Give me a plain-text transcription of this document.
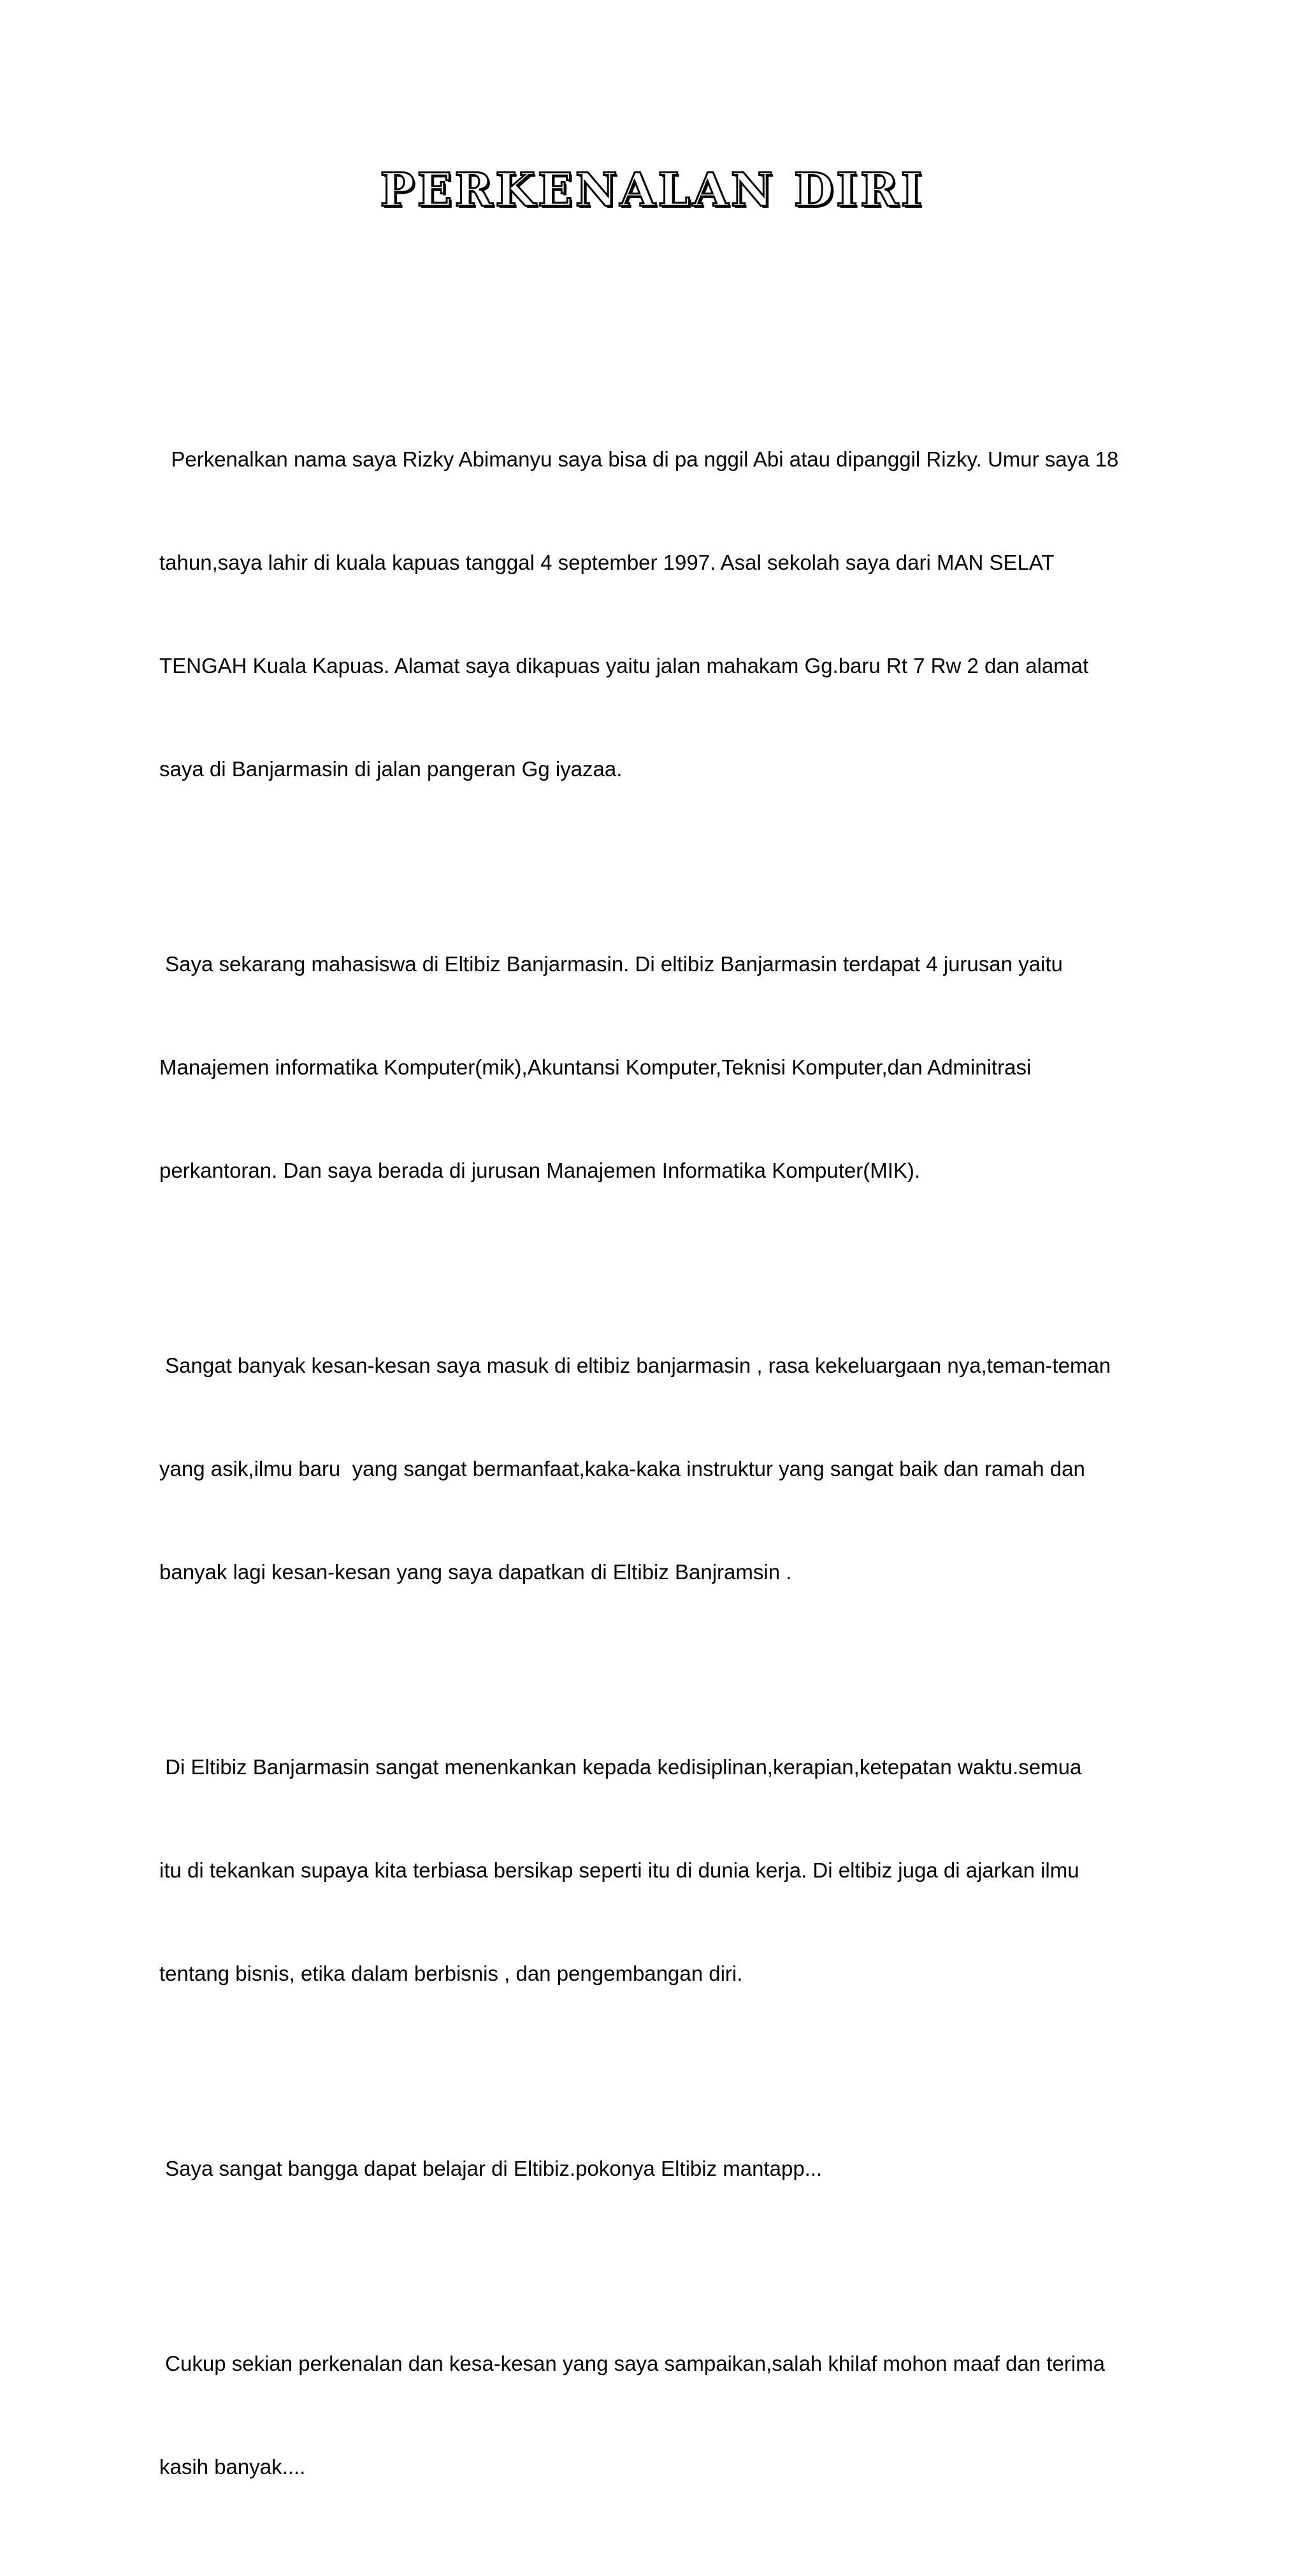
PERKENALAN DIRI

Perkenalkan nama saya Rizky Abimanyu saya bisa di pa nggil Abi atau dipanggil Rizky. Umur saya 18

tahun,saya lahir di kuala kapuas tanggal 4 september 1997. Asal sekolah saya dari MAN SELAT

TENGAH Kuala Kapuas. Alamat saya dikapuas yaitu jalan mahakam Gg.baru Rt 7 Rw 2 dan alamat

saya di Banjarmasin di jalan pangeran Gg iyazaa.

Saya sekarang mahasiswa di Eltibiz Banjarmasin. Di eltibiz Banjarmasin terdapat 4 jurusan yaitu

Manajemen informatika Komputer(mik),Akuntansi Komputer,Teknisi Komputer,dan Adminitrasi

perkantoran. Dan saya berada di jurusan Manajemen Informatika Komputer(MIK).

Sangat banyak kesan-kesan saya masuk di eltibiz banjarmasin , rasa kekeluargaan nya,teman-teman

yang asik,ilmu baru  yang sangat bermanfaat,kaka-kaka instruktur yang sangat baik dan ramah dan

banyak lagi kesan-kesan yang saya dapatkan di Eltibiz Banjramsin .

Di Eltibiz Banjarmasin sangat menenkankan kepada kedisiplinan,kerapian,ketepatan waktu.semua

itu di tekankan supaya kita terbiasa bersikap seperti itu di dunia kerja. Di eltibiz juga di ajarkan ilmu

tentang bisnis, etika dalam berbisnis , dan pengembangan diri.

Saya sangat bangga dapat belajar di Eltibiz.pokonya Eltibiz mantapp...

Cukup sekian perkenalan dan kesa-kesan yang saya sampaikan,salah khilaf mohon maaf dan terima

kasih banyak....
